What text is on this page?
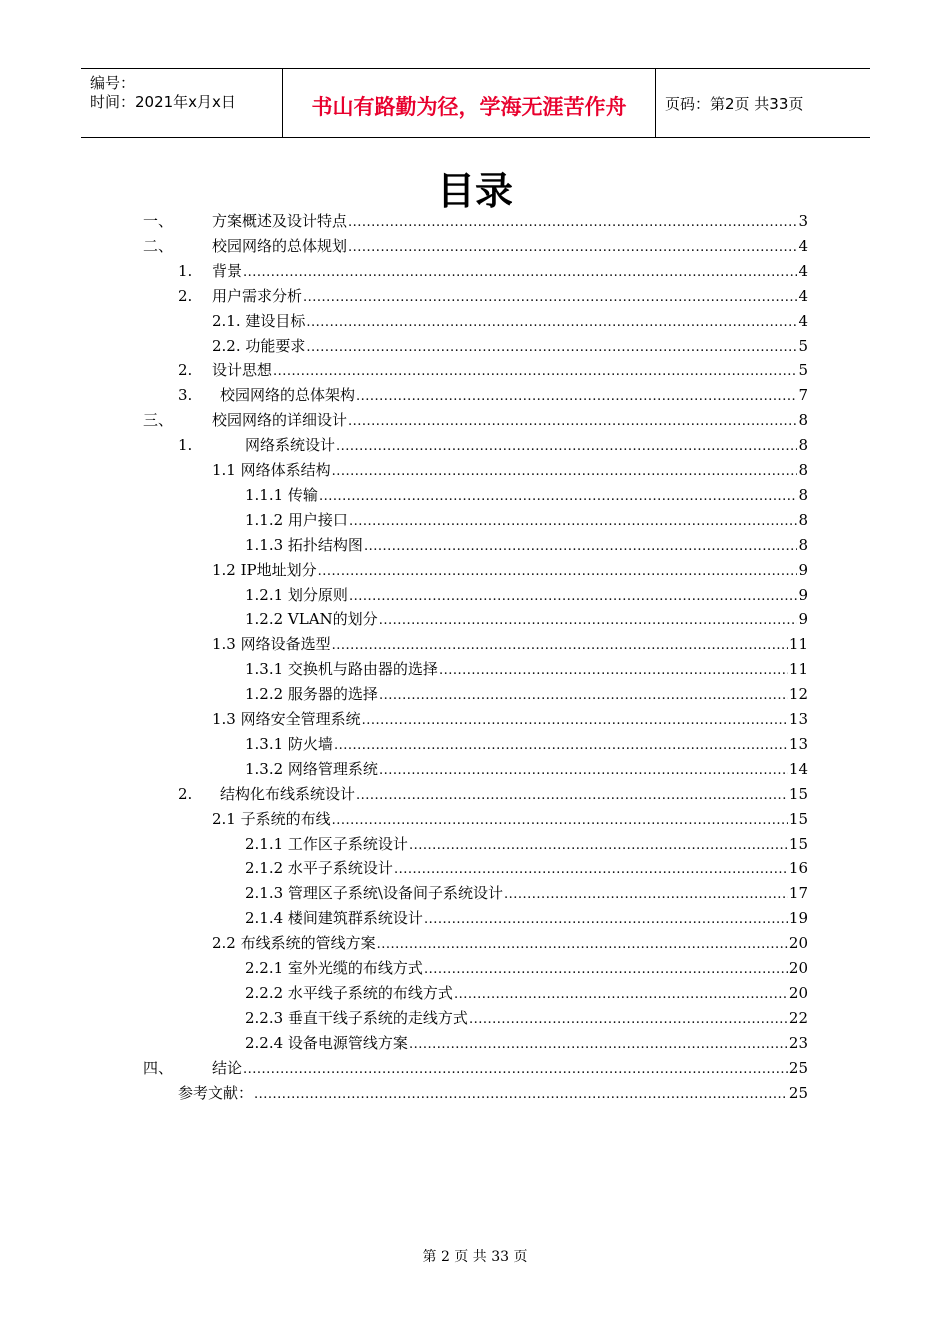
编号：
时间：2021年x月x日	书山有路勤为径，学海无涯苦作舟	页码：第2页 共33页
目录
一、	方案概述及设计特点 .....	3
二、	校园网络的总体规划 .....	4
1. 背景 .....	4
2. 用户需求分析 .....	4
2.1. 建设目标 .....	4
2.2. 功能要求 .....	5
2. 设计思想 .....	5
3. 校园网络的总体架构 .....	7
三、	校园网络的详细设计 .....	8
1.	网络系统设计 .....	8
1.1 网络体系结构 .....	8
1.1.1 传输 .....	8
1.1.2 用户接口 .....	8
1.1.3 拓扑结构图 .....	8
1.2 IP地址划分 .....	9
1.2.1 划分原则 .....	9
1.2.2 VLAN的划分 .....	9
1.3 网络设备选型 .....	11
1.3.1 交换机与路由器的选择 .....	11
1.2.2 服务器的选择 .....	12
1.3 网络安全管理系统 .....	13
1.3.1 防火墙 .....	13
1.3.2 网络管理系统 .....	14
2. 结构化布线系统设计 .....	15
2.1 子系统的布线 .....	15
2.1.1 工作区子系统设计 .....	15
2.1.2 水平子系统设计 .....	16
2.1.3 管理区子系统\设备间子系统设计 .....	17
2.1.4 楼间建筑群系统设计 .....	19
2.2 布线系统的管线方案 .....	20
2.2.1 室外光缆的布线方式 .....	20
2.2.2 水平线子系统的布线方式 .....	20
2.2.3 垂直干线子系统的走线方式 .....	22
2.2.4 设备电源管线方案 .....	23
四、	结论 .....	25
参考文献： .....	25
第 2 页 共 33 页
